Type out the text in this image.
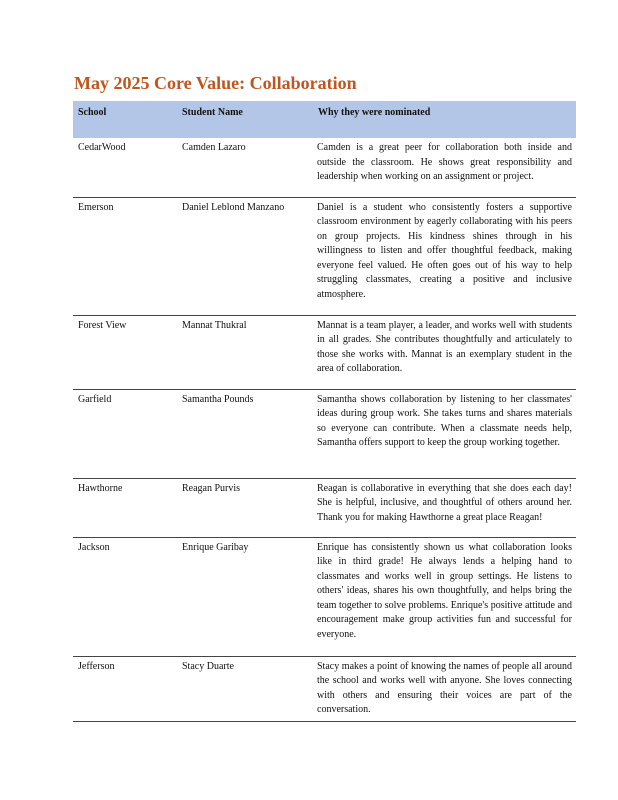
May 2025 Core Value: Collaboration
School	Student Name	Why they were nominated
CedarWood	Camden Lazaro	Camden is a great peer for collaboration both inside and outside the classroom. He shows great responsibility and leadership when working on an assignment or project.
Emerson	Daniel Leblond Manzano	Daniel is a student who consistently fosters a supportive classroom environment by eagerly collaborating with his peers on group projects. His kindness shines through in his willingness to listen and offer thoughtful feedback, making everyone feel valued. He often goes out of his way to help struggling classmates, creating a positive and inclusive atmosphere.
Forest View	Mannat Thukral	Mannat is a team player, a leader, and works well with students in all grades. She contributes thoughtfully and articulately to those she works with. Mannat is an exemplary student in the area of collaboration.
Garfield	Samantha Pounds	Samantha shows collaboration by listening to her classmates' ideas during group work. She takes turns and shares materials so everyone can contribute. When a classmate needs help, Samantha offers support to keep the group working together.
Hawthorne	Reagan Purvis	Reagan is collaborative in everything that she does each day! She is helpful, inclusive, and thoughtful of others around her. Thank you for making Hawthorne a great place Reagan!
Jackson	Enrique Garibay	Enrique has consistently shown us what collaboration looks like in third grade! He always lends a helping hand to classmates and works well in group settings. He listens to others' ideas, shares his own thoughtfully, and helps bring the team together to solve problems. Enrique's positive attitude and encouragement make group activities fun and successful for everyone.
Jefferson	Stacy Duarte	Stacy makes a point of knowing the names of people all around the school and works well with anyone. She loves connecting with others and ensuring their voices are part of the conversation.
